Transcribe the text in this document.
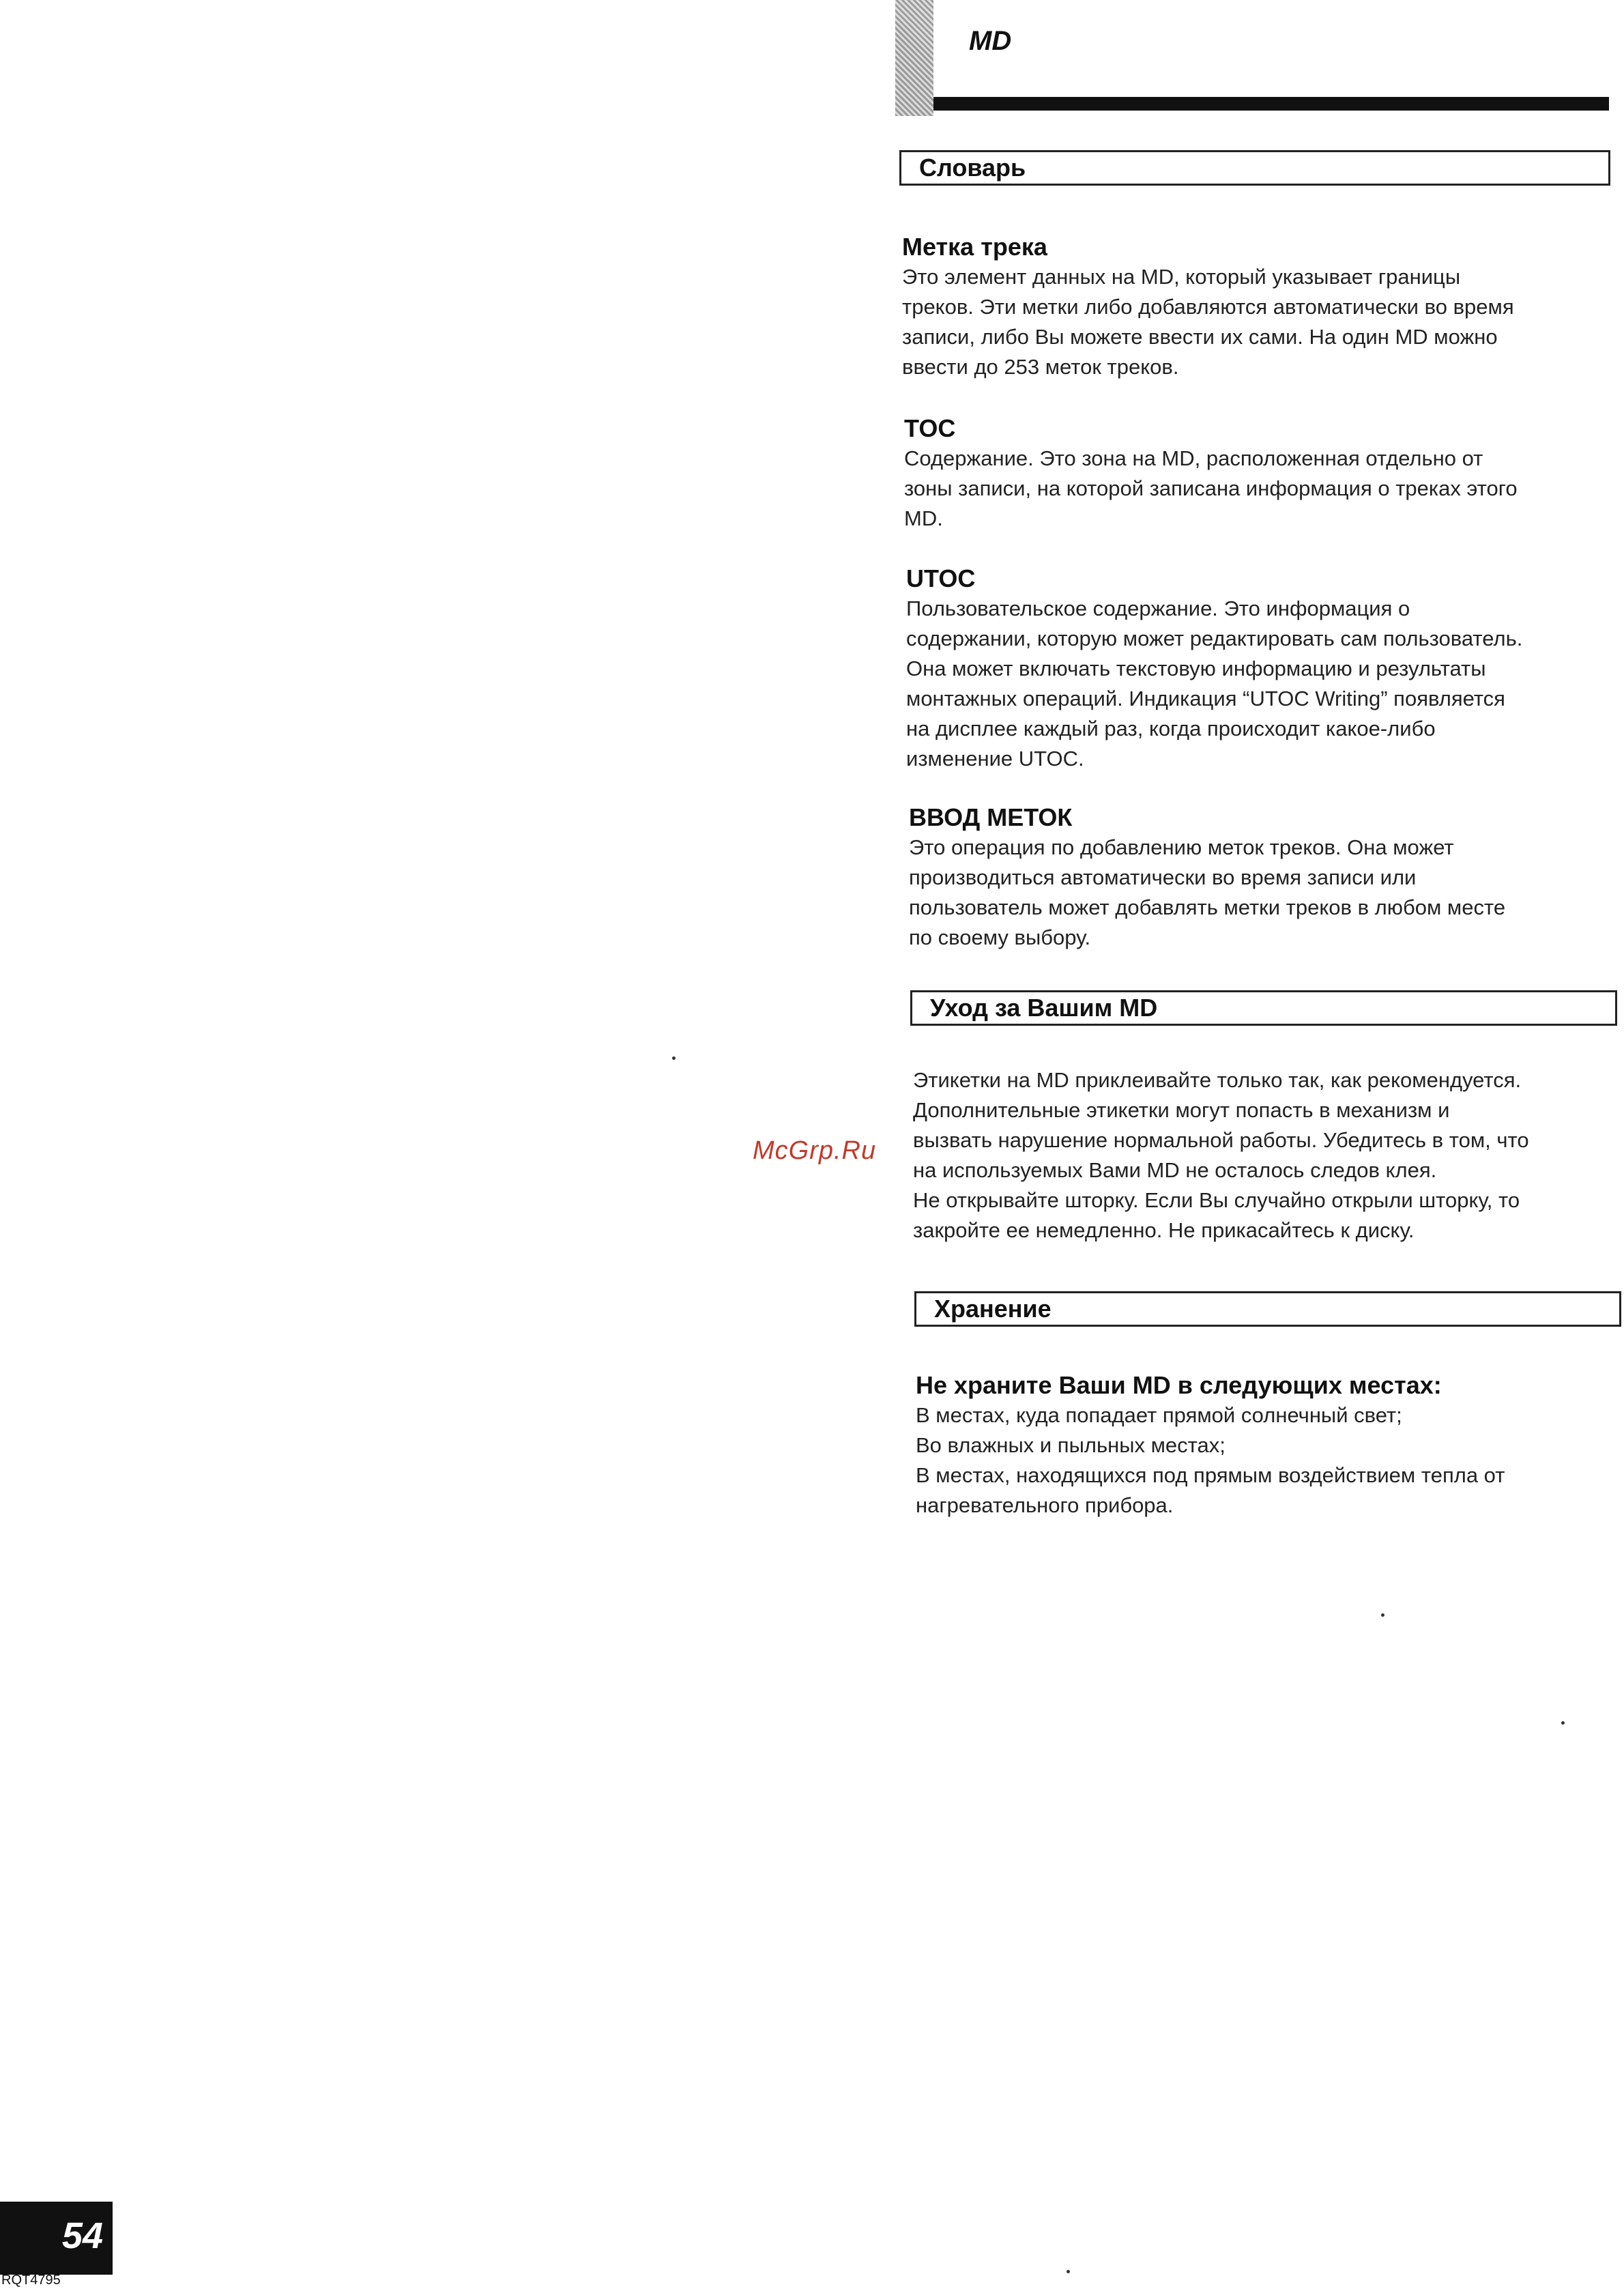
MD
Словарь
Метка трека
Это элемент данных на MD, который указывает границы
треков. Эти метки либо добавляются автоматически во время
записи, либо Вы можете ввести их сами. На один MD можно
ввести до 253 меток треков.
TOC
Содержание. Это зона на MD, расположенная отдельно от
зоны записи, на которой записана информация о треках этого
MD.
UTOC
Пользовательское содержание. Это информация о
содержании, которую может редактировать сам пользователь.
Она может включать текстовую информацию и результаты
монтажных операций. Индикация “UTOC Writing” появляется
на дисплее каждый раз, когда происходит какое-либо
изменение UTOC.
ВВОД МЕТОК
Это операция по добавлению меток треков. Она может
производиться автоматически во время записи или
пользователь может добавлять метки треков в любом месте
по своему выбору.
Уход за Вашим MD
Этикетки на MD приклеивайте только так, как рекомендуется.
Дополнительные этикетки могут попасть в механизм и
вызвать нарушение нормальной работы. Убедитесь в том, что
на используемых Вами MD не осталось следов клея.
Не открывайте шторку. Если Вы случайно открыли шторку, то
закройте ее немедленно. Не прикасайтесь к диску.
McGrp.Ru
Хранение
Не храните Ваши MD в следующих местах:
В местах, куда попадает прямой солнечный свет;
Во влажных и пыльных местах;
В местах, находящихся под прямым воздействием тепла от
нагревательного прибора.
54
RQT4795
